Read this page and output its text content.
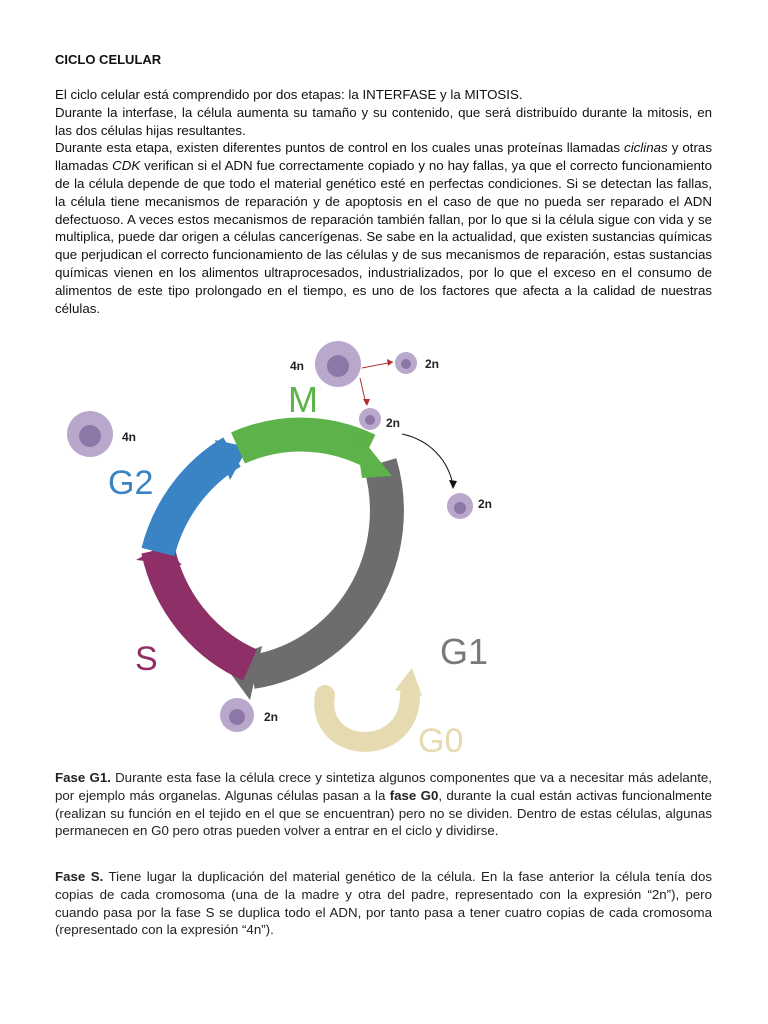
CICLO CELULAR

El ciclo celular está comprendido por dos etapas: la INTERFASE y la MITOSIS.

Durante la interfase, la célula aumenta su tamaño y su contenido, que será distribuído durante la mitosis, en las dos células hijas resultantes.

Durante esta etapa, existen diferentes puntos de control en los cuales unas proteínas llamadas ciclinas y otras llamadas CDK verifican si el ADN fue correctamente copiado y no hay fallas, ya que el correcto funcionamiento de la célula depende de que todo el material genético esté en perfectas condiciones. Si se detectan las fallas, la célula tiene mecanismos de reparación y de apoptosis en el caso de que no pueda ser reparado el ADN defectuoso. A veces estos mecanismos de reparación también fallan, por lo que si la célula sigue con vida y se multiplica, puede dar origen a células cancerígenas. Se sabe en la actualidad, que existen sustancias químicas que perjudican el correcto funcionamiento de las células y de sus mecanismos de reparación, estas sustancias químicas vienen en los alimentos ultraprocesados, industrializados, por lo que el exceso en el consumo de alimentos de este tipo prolongado en el tiempo, es uno de los factores que afecta a la calidad de nuestras células.

4n	2n
2n
2n
4n
2n
M
G2
S	G1
G0

Fase G1. Durante esta fase la célula crece y sintetiza algunos componentes que va a necesitar más adelante, por ejemplo más organelas. Algunas células pasan a la fase G0, durante la cual están activas funcionalmente (realizan su función en el tejido en el que se encuentran) pero no se dividen. Dentro de estas células, algunas permanecen en G0 pero otras pueden volver a entrar en el ciclo y dividirse.

Fase S. Tiene lugar la duplicación del material genético de la célula. En la fase anterior la célula tenía dos copias de cada cromosoma (una de la madre y otra del padre, representado con la expresión “2n”), pero cuando pasa por la fase S se duplica todo el ADN, por tanto pasa a tener cuatro copias de cada cromosoma (representado con la expresión “4n”).
